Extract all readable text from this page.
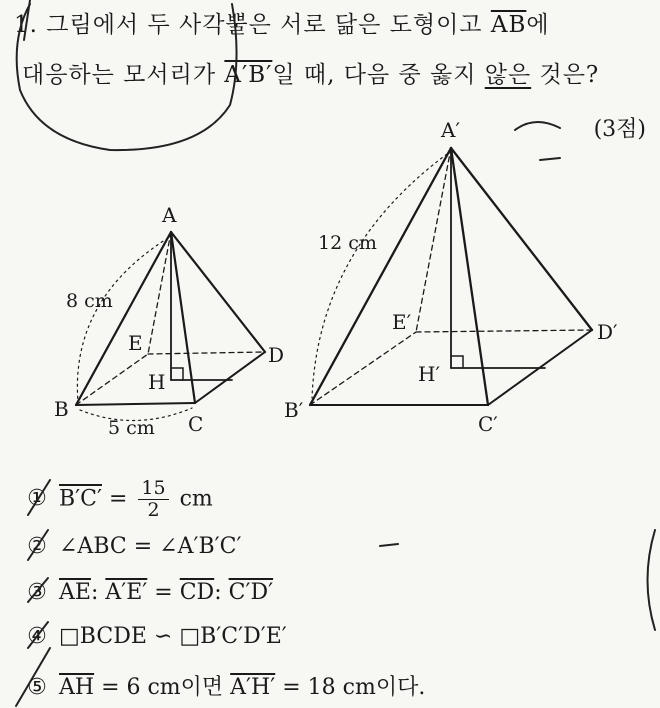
1. 그림에서 두 사각뿔은 서로 닮은 도형이고 $\overline{AB}$에
대응하는 모서리가 A′B′일 때, 다음 중 옳지 않은 것은?
(3점)
A
B
C
D
E
H
8 cm
5 cm
A′
B′
C′
D′
E′
H′
12 cm
① $B'C' = \frac{15}{2}$ cm
② ∠ABC = ∠A′B′C′
③ $\overline{AE}$: $A'E' = \overline{CD}$: C′D′
④ □BCDE ∽ □B′C′D′E′
⑤ $\overline{AH} = 6$ cm이면 A′H′ = 18 cm이다.
